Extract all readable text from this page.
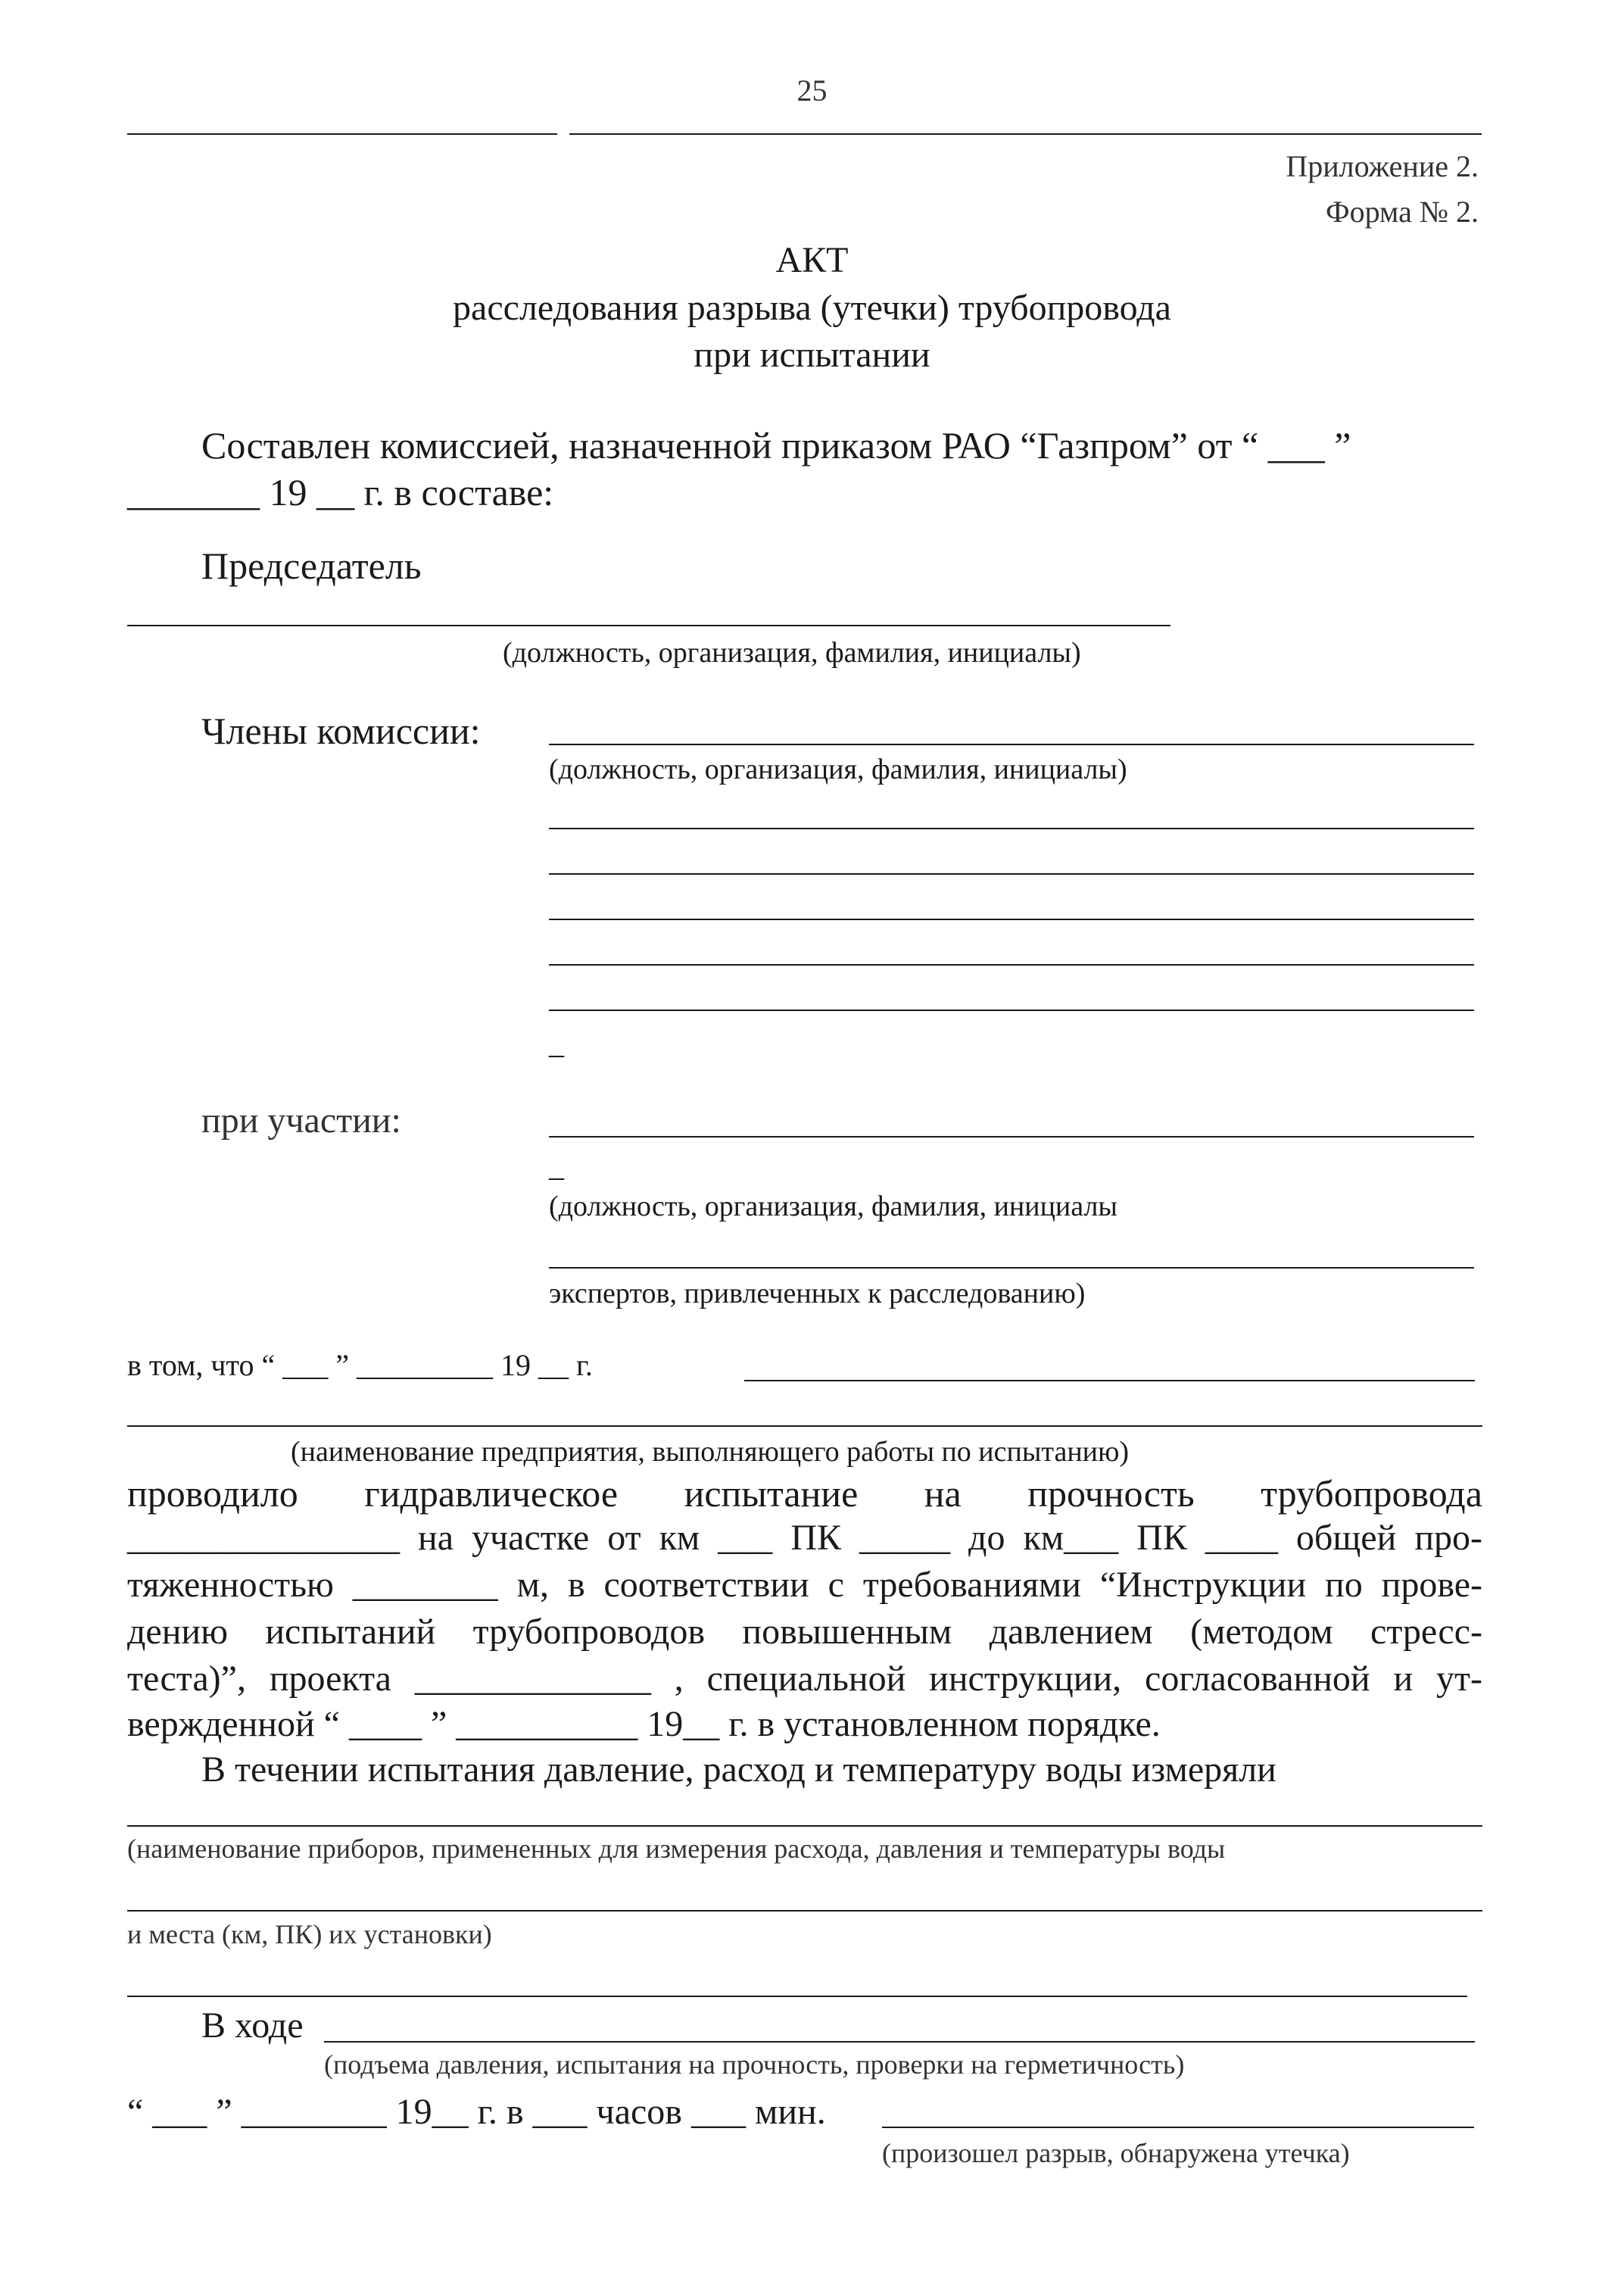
25
Приложение 2.
Форма № 2.
АКТ
расследования разрыва (утечки) трубопровода
при испытании
Составлен комиссией, назначенной приказом РАО “Газпром” от “ ___ ”
_______ 19 __ г. в составе:
Председатель
(должность, организация, фамилия, инициалы)
Члены комиссии:
(должность, организация, фамилия, инициалы)
_
при участии:
_
(должность, организация, фамилия, инициалы
экспертов, привлеченных к расследованию)
в том, что “ ___ ” _________ 19 __ г.
(наименование предприятия, выполняющего работы по испытанию)
проводило гидравлическое испытание на прочность трубопровода
_______________ на участке от км ___ ПК _____ до км___ ПК ____ общей про-
тяженностью ________ м, в соответствии с требованиями “Инструкции по прове-
дению испытаний трубопроводов повышенным давлением (методом стресс-
теста)”, проекта _____________ , специальной инструкции, согласованной и ут-
вержденной “ ____ ” __________ 19__ г. в установленном порядке.
В течении испытания давление, расход и температуру воды измеряли
(наименование приборов, примененных для измерения расхода, давления и температуры воды
и места (км, ПК) их установки)
В ходе
(подъема давления, испытания на прочность, проверки на герметичность)
“ ___ ” ________ 19__ г. в ___ часов ___ мин.
(произошел разрыв, обнаружена утечка)
